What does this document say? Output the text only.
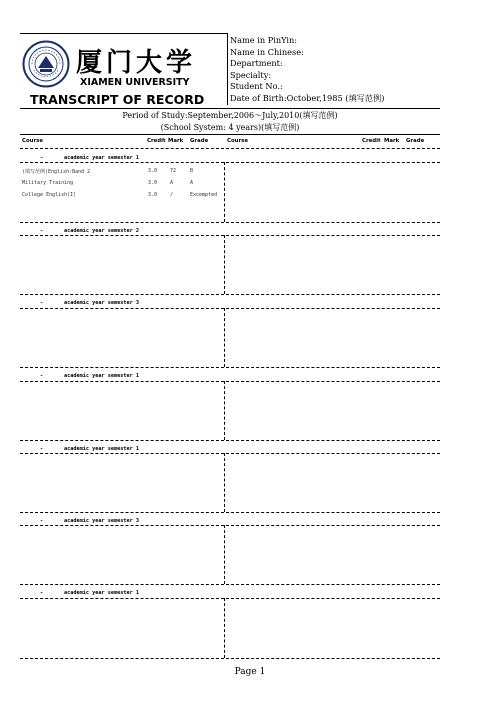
厦门大学
XIAMEN UNIVERSITY
TRANSCRIPT OF RECORD
Name in PinYin:
Name in Chinese:
Department:
Specialty:
Student No.:
Date of Birth:October,1985 (填写范例)
Period of Study:September,2006～July,2010(填写范例)
(School System: 4 years)(填写范例)
Course	Credit Mark Grade	Course	Credit Mark Grade
-	academic year semester 1
(填写范例)English:Band 2	3.0	72	B
Military Training	3.0	A	A
College English(I)	3.0	/	Excempted
-	academic year semester 2
-	academic year semester 3
-	academic year semester 1
-	academic year semester 1
-	academic year semester 3
-	academic year semester 1
Page 1
